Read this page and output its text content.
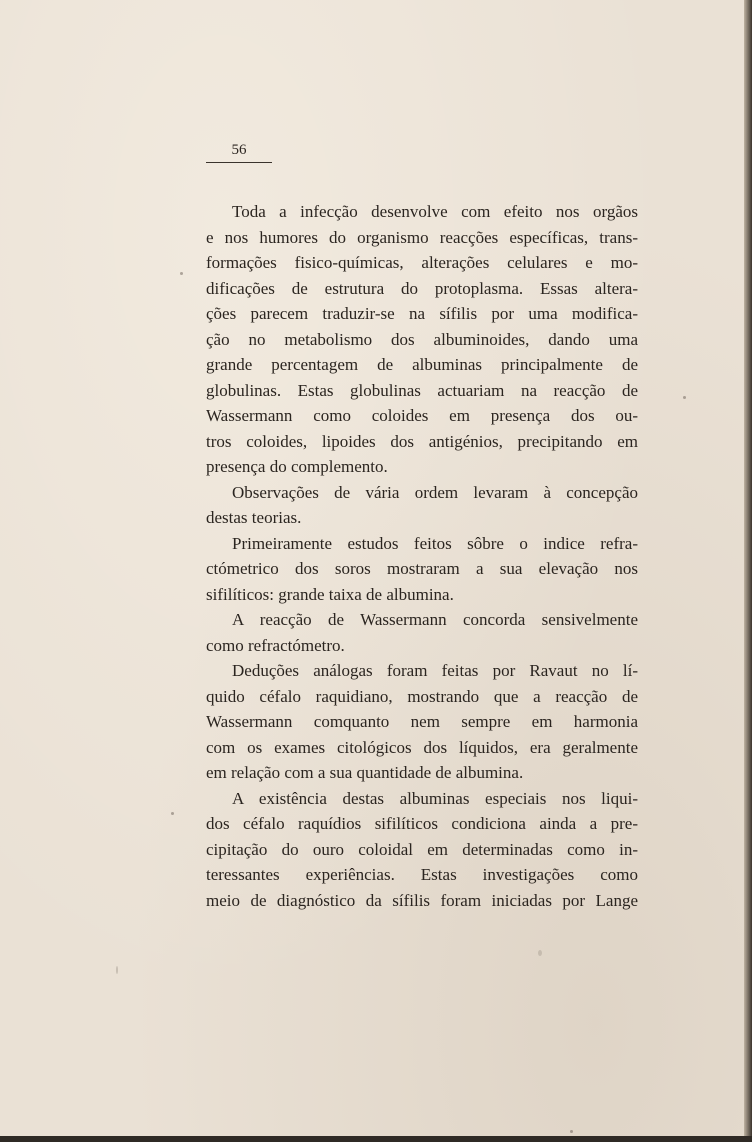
56
Toda a infecção desenvolve com efeito nos orgãos
e nos humores do organismo reacções específicas, trans-
formações fisico-químicas, alterações celulares e mo-
dificações de estrutura do protoplasma. Essas altera-
ções parecem traduzir-se na sífilis por uma modifica-
ção no metabolismo dos albuminoides, dando uma
grande percentagem de albuminas principalmente de
globulinas. Estas globulinas actuariam na reacção de
Wassermann como coloides em presença dos ou-
tros coloides, lipoides dos antigénios, precipitando em
presença do complemento.
Observações de vária ordem levaram à concepção
destas teorias.
Primeiramente estudos feitos sôbre o indice refra-
ctómetrico dos soros mostraram a sua elevação nos
sifilíticos: grande taixa de albumina.
A reacção de Wassermann concorda sensivelmente
como refractómetro.
Deduções análogas foram feitas por Ravaut no lí-
quido céfalo raquidiano, mostrando que a reacção de
Wassermann comquanto nem sempre em harmonia
com os exames citológicos dos líquidos, era geralmente
em relação com a sua quantidade de albumina.
A existência destas albuminas especiais nos liqui-
dos céfalo raquídios sifilíticos condiciona ainda a pre-
cipitação do ouro coloidal em determinadas como in-
teressantes experiências. Estas investigações como
meio de diagnóstico da sífilis foram iniciadas por Lange
